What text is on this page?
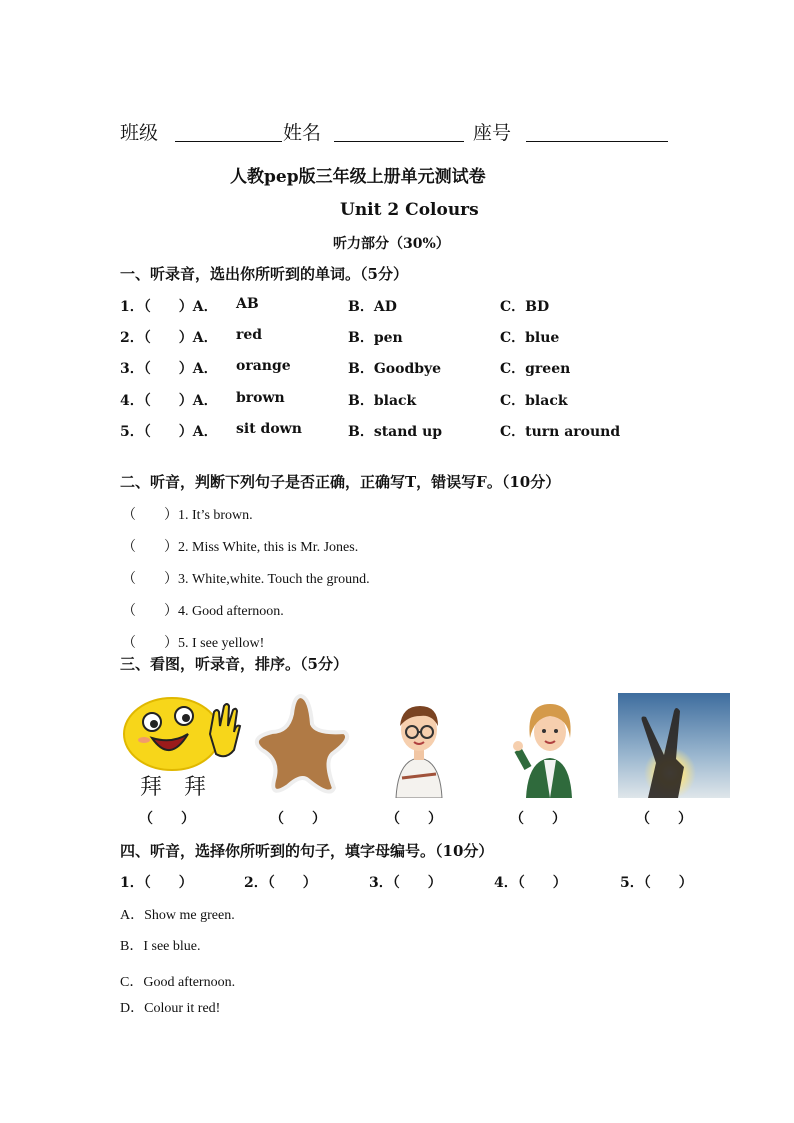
班级	姓名	座号
人教pep版三年级上册单元测试卷
Unit 2 Colours
听力部分（30%）
一、听录音，选出你所听到的单词。（5分）
1．（　　）A． AB	B．AD	C．BD
2．（　　）A． red	B．pen	C．blue
3．（　　）A． orange	B．Goodbye	C．green
4．（　　）A． brown	B．black	C．black
5．（　　）A． sit down	B．stand up	C．turn around
二、听音，判断下列句子是否正确，正确写T，错误写F。（10分）
（　　）1. It’s brown.
（　　）2. Miss White, this is Mr. Jones.
（　　）3. White,white. Touch the ground.
（　　）4. Good afternoon.
（　　）5. I see yellow!
三、看图，听录音，排序。（5分）
拜　拜
（　　）	（　　）	（　　）	（　　）	（　　）
四、听音，选择你所听到的句子，填字母编号。（10分）
1．（　　）	2．（　　）	3．（　　）	4．（　　）	5．（　　）
A．Show me green.
B．I see blue.
C．Good afternoon.
D．Colour it red!
